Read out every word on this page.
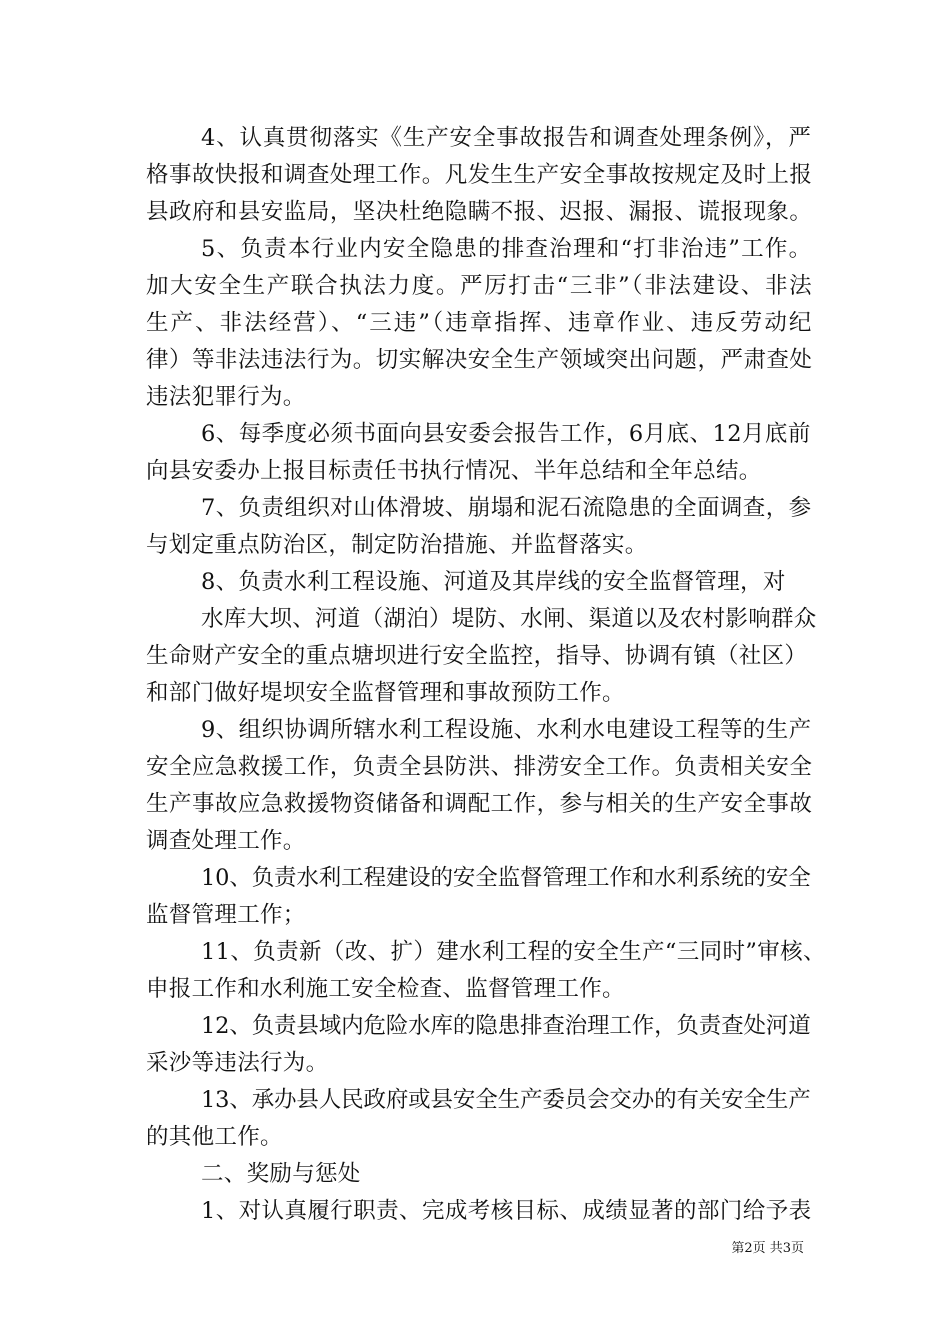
4、认真贯彻落实《生产安全事故报告和调查处理条例》，严
格事故快报和调查处理工作。凡发生生产安全事故按规定及时上报
县政府和县安监局，坚决杜绝隐瞒不报、迟报、漏报、谎报现象。
5、负责本行业内安全隐患的排查治理和“打非治违”工作。
加大安全生产联合执法力度。严厉打击“三非”（非法建设、非法
生产、非法经营）、“三违”（违章指挥、违章作业、违反劳动纪
律）等非法违法行为。切实解决安全生产领域突出问题，严肃查处
违法犯罪行为。
6、每季度必须书面向县安委会报告工作，6月底、12月底前
向县安委办上报目标责任书执行情况、半年总结和全年总结。
7、负责组织对山体滑坡、崩塌和泥石流隐患的全面调查，参
与划定重点防治区，制定防治措施、并监督落实。
8、负责水利工程设施、河道及其岸线的安全监督管理，对
水库大坝、河道（湖泊）堤防、水闸、渠道以及农村影响群众
生命财产安全的重点塘坝进行安全监控，指导、协调有镇（社区）
和部门做好堤坝安全监督管理和事故预防工作。
9、组织协调所辖水利工程设施、水利水电建设工程等的生产
安全应急救援工作，负责全县防洪、排涝安全工作。负责相关安全
生产事故应急救援物资储备和调配工作，参与相关的生产安全事故
调查处理工作。
10、负责水利工程建设的安全监督管理工作和水利系统的安全
监督管理工作；
11、负责新（改、扩）建水利工程的安全生产“三同时”审核、
申报工作和水利施工安全检查、监督管理工作。
12、负责县域内危险水库的隐患排查治理工作，负责查处河道
采沙等违法行为。
13、承办县人民政府或县安全生产委员会交办的有关安全生产
的其他工作。
二、奖励与惩处
1、对认真履行职责、完成考核目标、成绩显著的部门给予表
第2页 共3页
